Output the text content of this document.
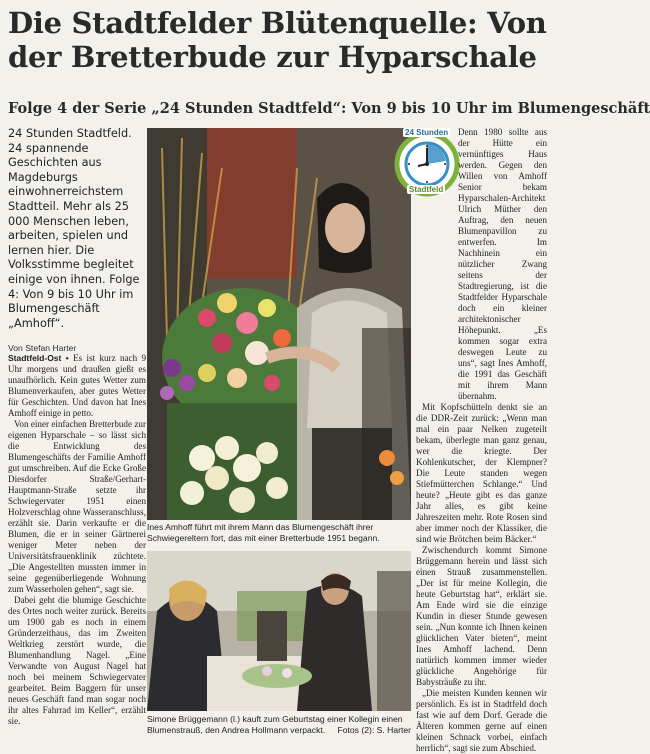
Die Stadtfelder Blütenquelle: Von der Bretterbude zur Hyparschale
Folge 4 der Serie „24 Stunden Stadtfeld“: Von 9 bis 10 Uhr im Blumengeschäft
24 Stunden Stadtfeld. 24 spannende Geschichten aus Magdeburgs einwohnerreichstem Stadtteil. Mehr als 25 000 Menschen leben, arbeiten, spielen und lernen hier. Die Volksstimme begleitet einige von ihnen. Folge 4: Von 9 bis 10 Uhr im Blumengeschäft „Amhoff“.
Von Stefan Harter

Stadtfeld-Ost • Es ist kurz nach 9 Uhr morgens und draußen gießt es unaufhörlich. Kein gutes Wetter zum Blumenverkaufen, aber gutes Wetter für Geschichten. Und davon hat Ines Amhoff einige in petto.

Von einer einfachen Bretterbude zur eigenen Hyparschale – so lässt sich die Entwicklung des Blumengeschäfts der Familie Amhoff gut umschreiben. Auf die Ecke Große Diesdorfer Straße/Gerhart-Hauptmann-Straße setzte ihr Schwiegervater 1951 einen Holzverschlag ohne Wasseranschluss, erzählt sie. Darin verkaufte er die Blumen, die er in seiner Gärtnerei weniger Meter neben der Universitätsfrauenklinik züchtete. „Die Angestellten mussten immer in seine gegenüberliegende Wohnung zum Wasserholen gehen“, sagt sie.

Dabei geht die blumige Geschichte des Ortes noch weiter zurück. Bereits um 1900 gab es noch in einem Gründerzeithaus, das im Zweiten Weltkrieg zerstört wurde, die Blumenhandlung Nagel. „Eine Verwandte von August Nagel hat noch bei meinem Schwiegervater gearbeitet. Beim Baggern für unser neues Geschäft fand man sogar noch ihr altes Fahrrad im Keller“, erzählt sie.

24 Stunden
Stadtfeld
Ines Amhoff führt mit ihrem Mann das Blumengeschäft ihrer Schwiegereltern fort, das mit einer Bretterbude 1951 begann.
Simone Brüggemann (l.) kauft zum Geburtstag einer Kollegin einen Blumenstrauß, den Andrea Hollmann verpackt. Fotos (2): S. Harter

Denn 1980 sollte aus der Hütte ein vernünftiges Haus werden. Gegen den Willen von Amhoff Senior bekam Hyparschalen-Architekt Ulrich Müther den Auftrag, den neuen Blumenpavillon zu entwerfen. Im Nachhinein ein nützlicher Zwang seitens der Stadtregierung, ist die Stadtfelder Hyparschale doch ein kleiner architektonischer Höhepunkt. „Es kommen sogar extra deswegen Leute zu uns“, sagt Ines Amhoff, die 1991 das Geschäft mit ihrem Mann übernahm.

Mit Kopfschütteln denkt sie an die DDR-Zeit zurück: „Wenn man mal ein paar Nelken zugeteilt bekam, überlegte man ganz genau, wer die kriegte. Der Kohlenkutscher, der Klempner? Die Leute standen wegen Stiefmütterchen Schlange.“ Und heute? „Heute gibt es das ganze Jahr alles, es gibt keine Jahreszeiten mehr. Rote Rosen sind aber immer noch der Klassiker, die sind wie Brötchen beim Bäcker.“

Zwischendurch kommt Simone Brüggemann herein und lässt sich einen Strauß zusammenstellen. „Der ist für meine Kollegin, die heute Geburtstag hat“, erklärt sie. Am Ende wird sie die einzige Kundin in dieser Stunde gewesen sein. „Nun konnte ich Ihnen keinen glücklichen Vater bieten“, meint Ines Amhoff lachend. Denn natürlich kommen immer wieder glückliche Angehörige für Babysträuße zu ihr.

„Die meisten Kunden kennen wir persönlich. Es ist in Stadtfeld doch fast wie auf dem Dorf. Gerade die Älteren kommen gerne auf einen kleinen Schnack vorbei, einfach herrlich“, sagt sie zum Abschied.
